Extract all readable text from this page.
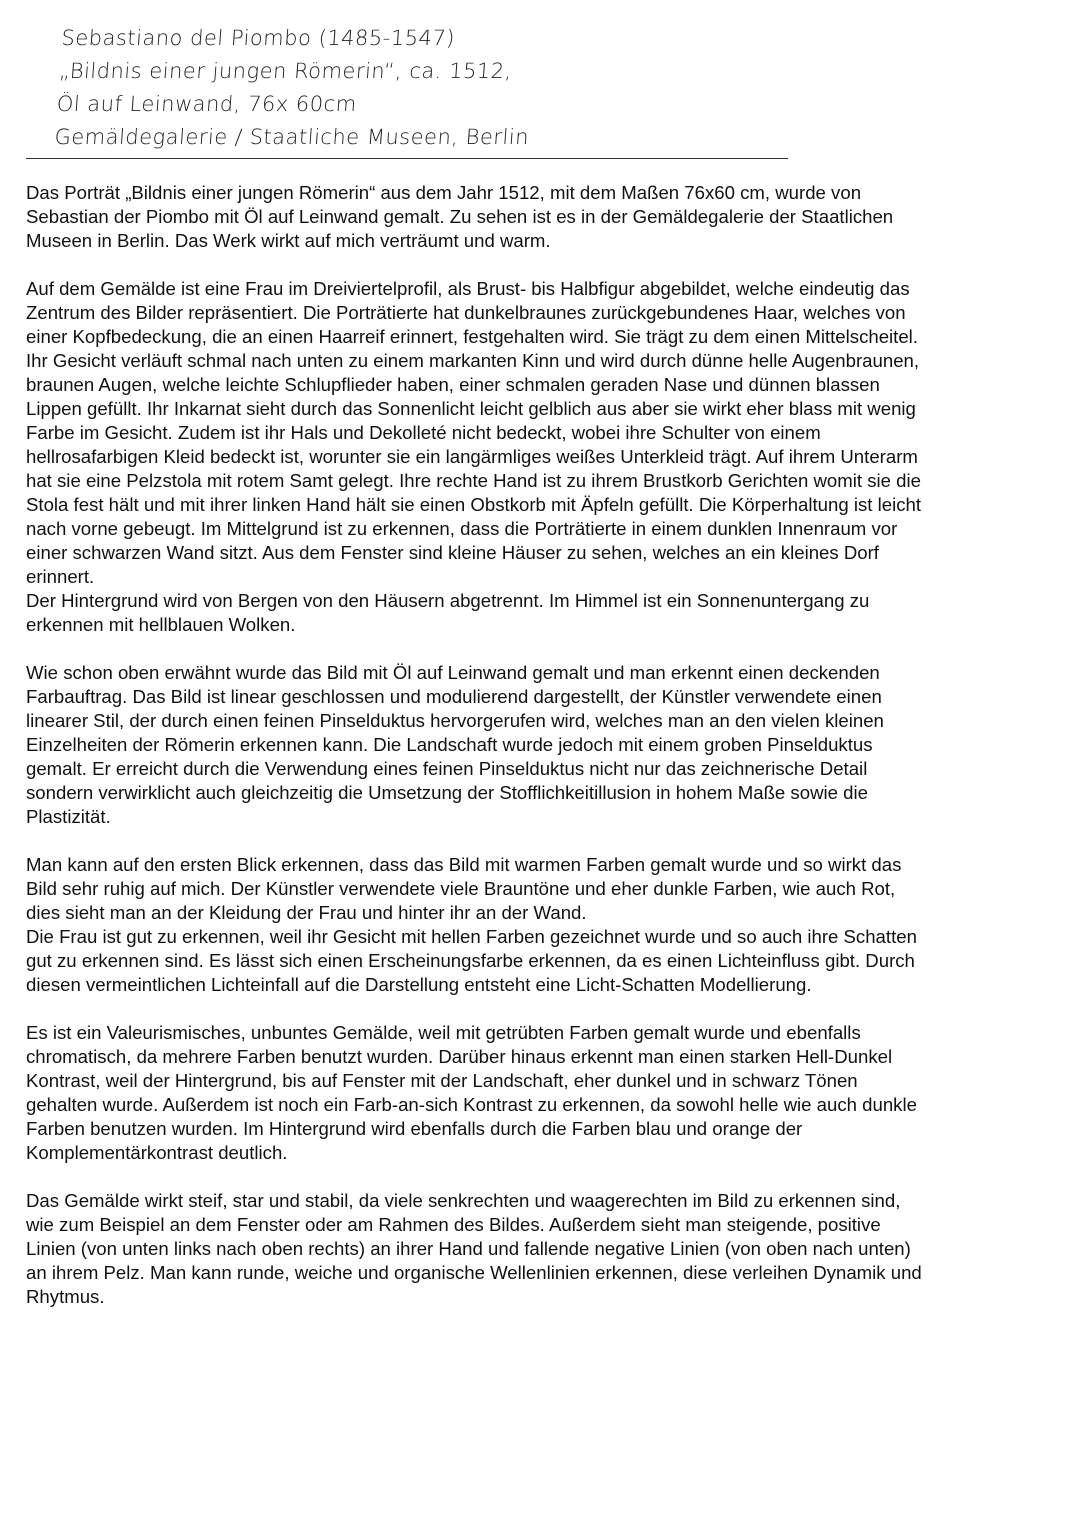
Sebastiano del Piombo (1485-1547)
„Bildnis einer jungen Römerin“, ca. 1512,
Öl auf Leinwand, 76x 60cm
Gemäldegalerie / Staatliche Museen, Berlin
Das Porträt „Bildnis einer jungen Römerin“ aus dem Jahr 1512, mit dem Maßen 76x60 cm, wurde von
Sebastian der Piombo mit Öl auf Leinwand gemalt. Zu sehen ist es in der Gemäldegalerie der Staatlichen
Museen in Berlin. Das Werk wirkt auf mich verträumt und warm.
Auf dem Gemälde ist eine Frau im Dreiviertelprofil, als Brust- bis Halbfigur abgebildet, welche eindeutig das
Zentrum des Bilder repräsentiert. Die Porträtierte hat dunkelbraunes zurückgebundenes Haar, welches von
einer Kopfbedeckung, die an einen Haarreif erinnert, festgehalten wird. Sie trägt zu dem einen Mittelscheitel.
Ihr Gesicht verläuft schmal nach unten zu einem markanten Kinn und wird durch dünne helle Augenbraunen,
braunen Augen, welche leichte Schlupflieder haben, einer schmalen geraden Nase und dünnen blassen
Lippen gefüllt. Ihr Inkarnat sieht durch das Sonnenlicht leicht gelblich aus aber sie wirkt eher blass mit wenig
Farbe im Gesicht. Zudem ist ihr Hals und Dekolleté nicht bedeckt, wobei ihre Schulter von einem
hellrosafarbigen Kleid bedeckt ist, worunter sie ein langärmliges weißes Unterkleid trägt. Auf ihrem Unterarm
hat sie eine Pelzstola mit rotem Samt gelegt. Ihre rechte Hand ist zu ihrem Brustkorb Gerichten womit sie die
Stola fest hält und mit ihrer linken Hand hält sie einen Obstkorb mit Äpfeln gefüllt. Die Körperhaltung ist leicht
nach vorne gebeugt. Im Mittelgrund ist zu erkennen, dass die Porträtierte in einem dunklen Innenraum vor
einer schwarzen Wand sitzt. Aus dem Fenster sind kleine Häuser zu sehen, welches an ein kleines Dorf
erinnert.
Der Hintergrund wird von Bergen von den Häusern abgetrennt. Im Himmel ist ein Sonnenuntergang zu
erkennen mit hellblauen Wolken.
Wie schon oben erwähnt wurde das Bild mit Öl auf Leinwand gemalt und man erkennt einen deckenden
Farbauftrag. Das Bild ist linear geschlossen und modulierend dargestellt, der Künstler verwendete einen
linearer Stil, der durch einen feinen Pinselduktus hervorgerufen wird, welches man an den vielen kleinen
Einzelheiten der Römerin erkennen kann. Die Landschaft wurde jedoch mit einem groben Pinselduktus
gemalt. Er erreicht durch die Verwendung eines feinen Pinselduktus nicht nur das zeichnerische Detail
sondern verwirklicht auch gleichzeitig die Umsetzung der Stofflichkeitillusion in hohem Maße sowie die
Plastizität.
Man kann auf den ersten Blick erkennen, dass das Bild mit warmen Farben gemalt wurde und so wirkt das
Bild sehr ruhig auf mich. Der Künstler verwendete viele Brauntöne und eher dunkle Farben, wie auch Rot,
dies sieht man an der Kleidung der Frau und hinter ihr an der Wand.
Die Frau ist gut zu erkennen, weil ihr Gesicht mit hellen Farben gezeichnet wurde und so auch ihre Schatten
gut zu erkennen sind. Es lässt sich einen Erscheinungsfarbe erkennen, da es einen Lichteinfluss gibt. Durch
diesen vermeintlichen Lichteinfall auf die Darstellung entsteht eine Licht-Schatten Modellierung.
Es ist ein Valeurismisches, unbuntes Gemälde, weil mit getrübten Farben gemalt wurde und ebenfalls
chromatisch, da mehrere Farben benutzt wurden. Darüber hinaus erkennt man einen starken Hell-Dunkel
Kontrast, weil der Hintergrund, bis auf Fenster mit der Landschaft, eher dunkel und in schwarz Tönen
gehalten wurde. Außerdem ist noch ein Farb-an-sich Kontrast zu erkennen, da sowohl helle wie auch dunkle
Farben benutzen wurden. Im Hintergrund wird ebenfalls durch die Farben blau und orange der
Komplementärkontrast deutlich.
Das Gemälde wirkt steif, star und stabil, da viele senkrechten und waagerechten im Bild zu erkennen sind,
wie zum Beispiel an dem Fenster oder am Rahmen des Bildes. Außerdem sieht man steigende, positive
Linien (von unten links nach oben rechts) an ihrer Hand und fallende negative Linien (von oben nach unten)
an ihrem Pelz. Man kann runde, weiche und organische Wellenlinien erkennen, diese verleihen Dynamik und
Rhytmus.
